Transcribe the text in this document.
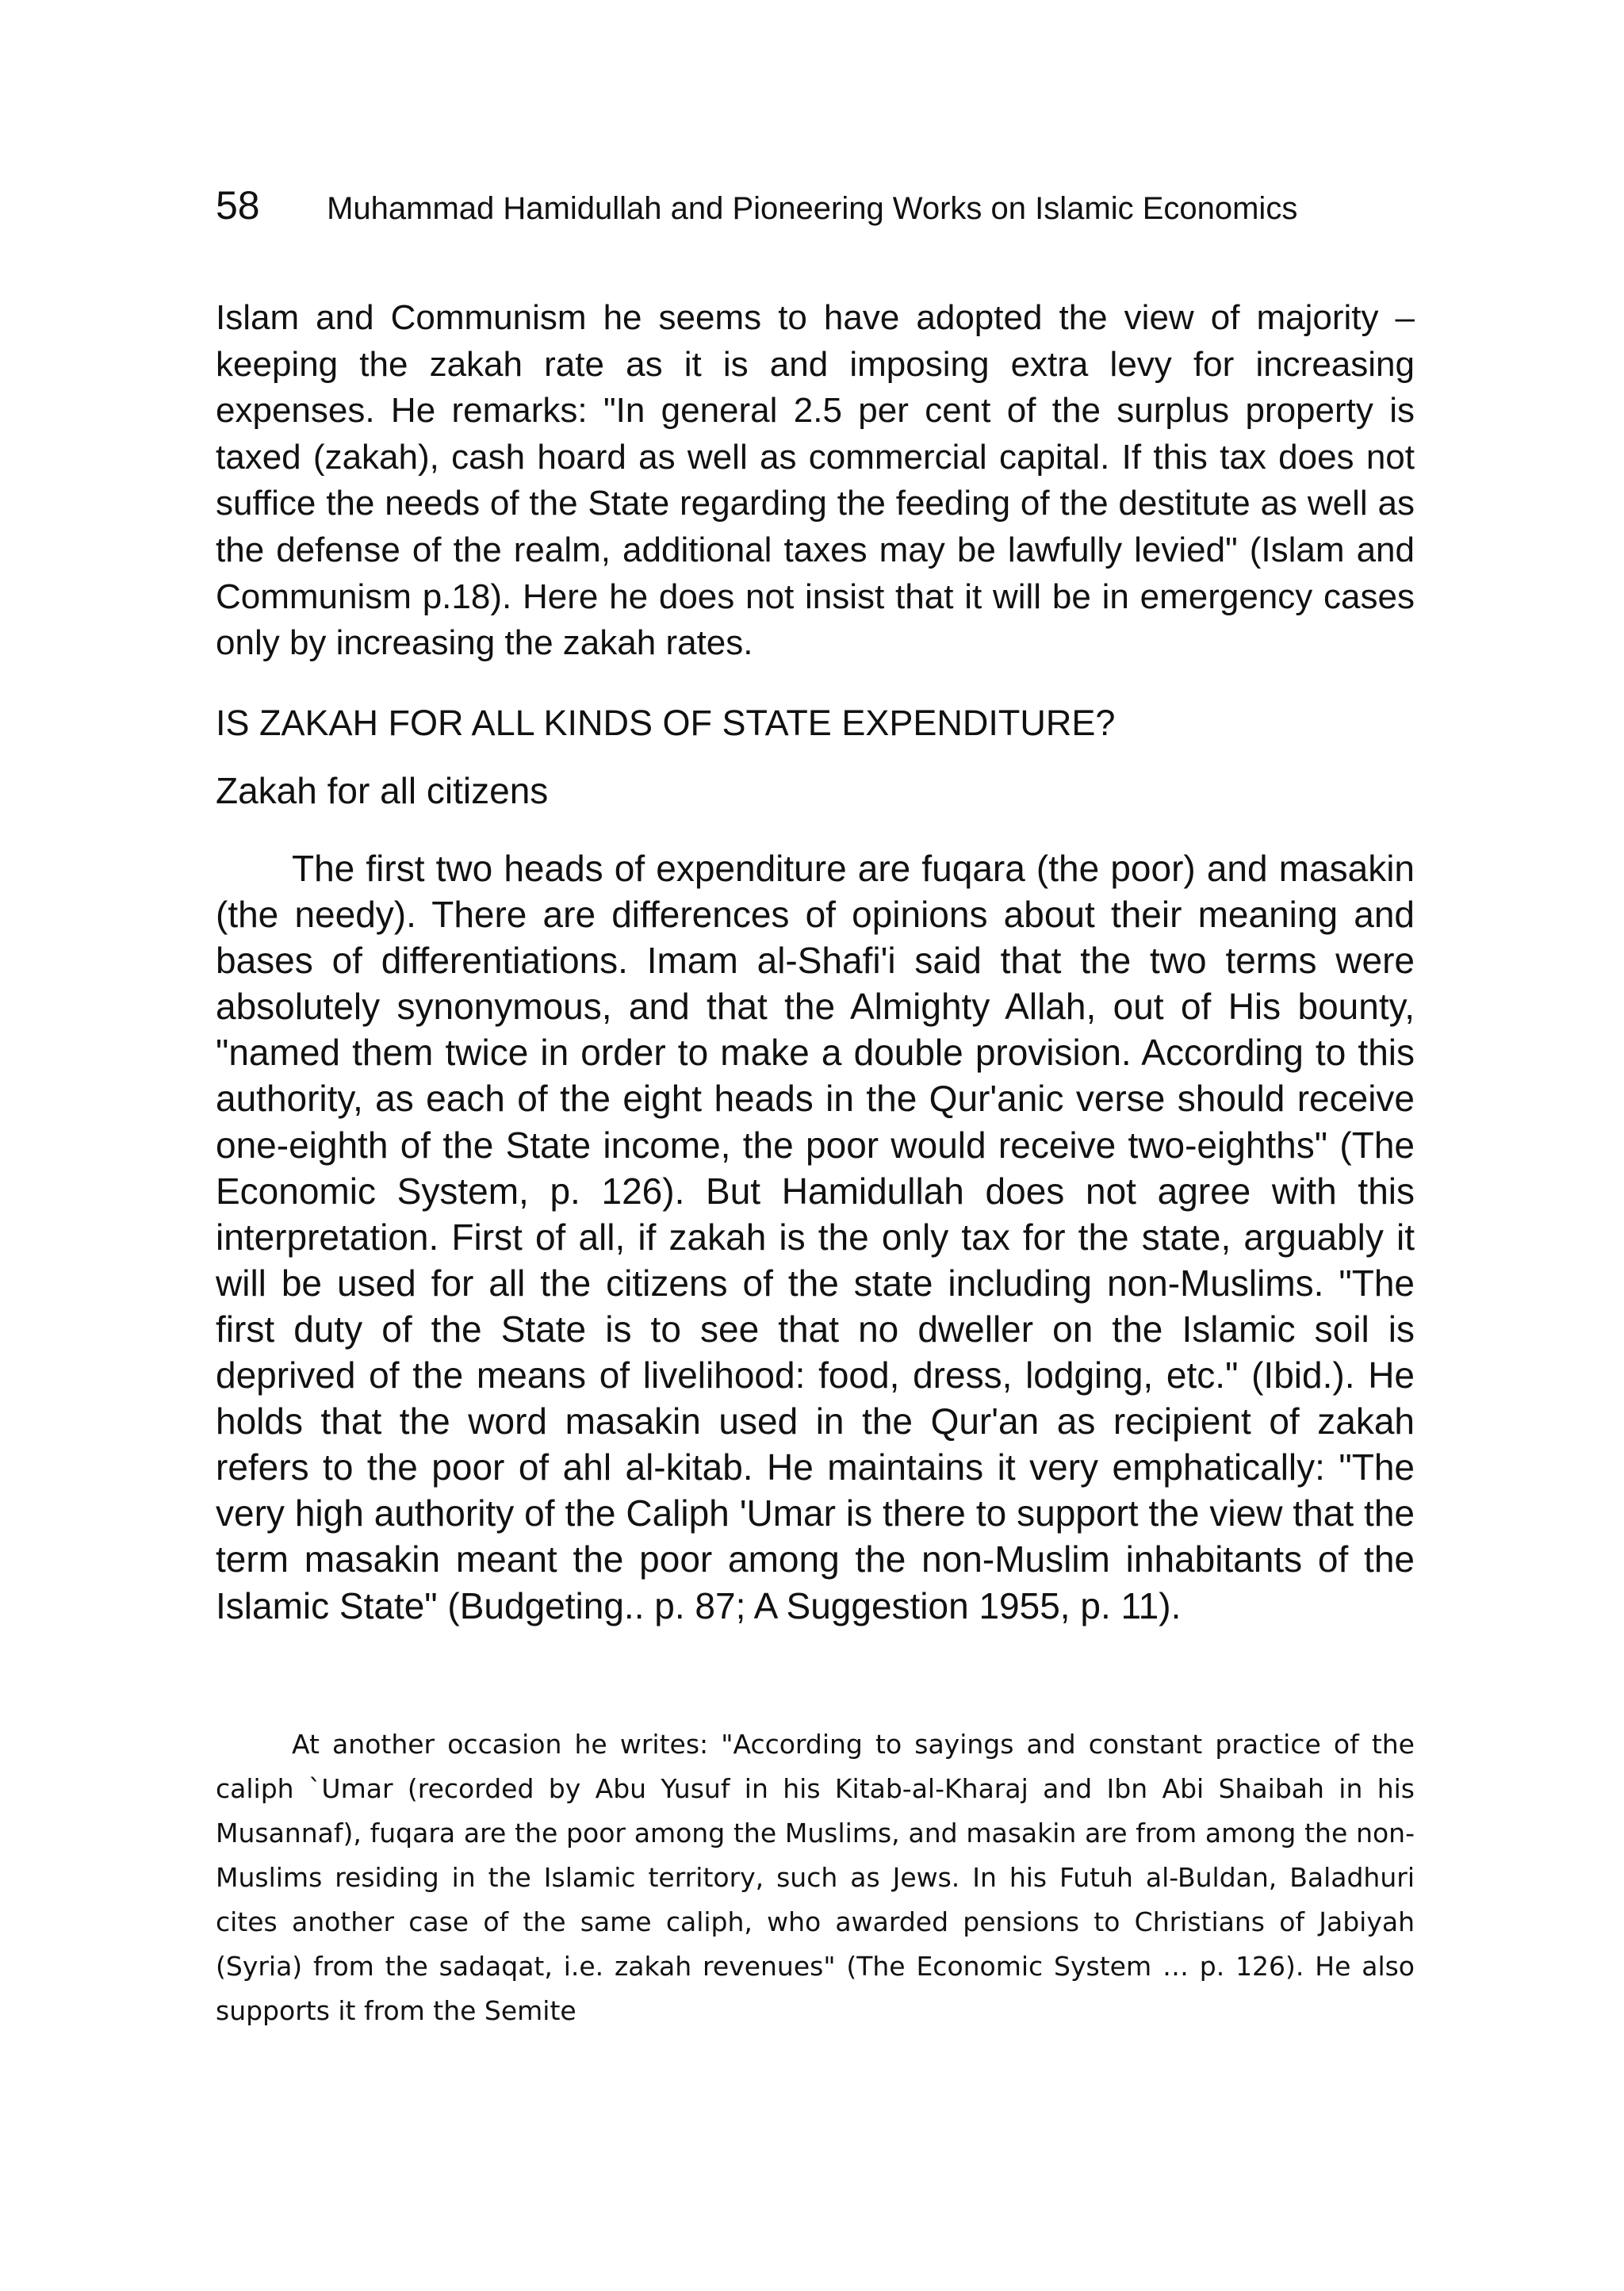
58 Muhammad Hamidullah and Pioneering Works on Islamic Economics

Islam and Communism he seems to have adopted the view of majority – keeping the zakah rate as it is and imposing extra levy for increasing expenses. He remarks: "In general 2.5 per cent of the surplus property is taxed (zakah), cash hoard as well as commercial capital. If this tax does not suffice the needs of the State regarding the feeding of the destitute as well as the defense of the realm, additional taxes may be lawfully levied" (Islam and Communism p.18). Here he does not insist that it will be in emergency cases only by increasing the zakah rates.

IS ZAKAH FOR ALL KINDS OF STATE EXPENDITURE?
Zakah for all citizens

The first two heads of expenditure are fuqara (the poor) and masakin (the needy). There are differences of opinions about their meaning and bases of differentiations. Imam al-Shafi'i said that the two terms were absolutely synonymous, and that the Almighty Allah, out of His bounty, "named them twice in order to make a double provision. According to this authority, as each of the eight heads in the Qur'anic verse should receive one-eighth of the State income, the poor would receive two-eighths" (The Economic System, p. 126). But Hamidullah does not agree with this interpretation. First of all, if zakah is the only tax for the state, arguably it will be used for all the citizens of the state including non-Muslims. "The first duty of the State is to see that no dweller on the Islamic soil is deprived of the means of livelihood: food, dress, lodging, etc." (Ibid.). He holds that the word masakin used in the Qur'an as recipient of zakah refers to the poor of ahl al-kitab. He maintains it very emphatically: "The very high authority of the Caliph 'Umar is there to support the view that the term masakin meant the poor among the non-Muslim inhabitants of the Islamic State" (Budgeting.. p. 87; A Suggestion 1955, p. 11).

At another occasion he writes: "According to sayings and constant practice of the caliph `Umar (recorded by Abu Yusuf in his Kitab-al-Kharaj and Ibn Abi Shaibah in his Musannaf), fuqara are the poor among the Muslims, and masakin are from among the non-Muslims residing in the Islamic territory, such as Jews. In his Futuh al-Buldan, Baladhuri cites another case of the same caliph, who awarded pensions to Christians of Jabiyah (Syria) from the sadaqat, i.e. zakah revenues" (The Economic System … p. 126). He also supports it from the Semite
